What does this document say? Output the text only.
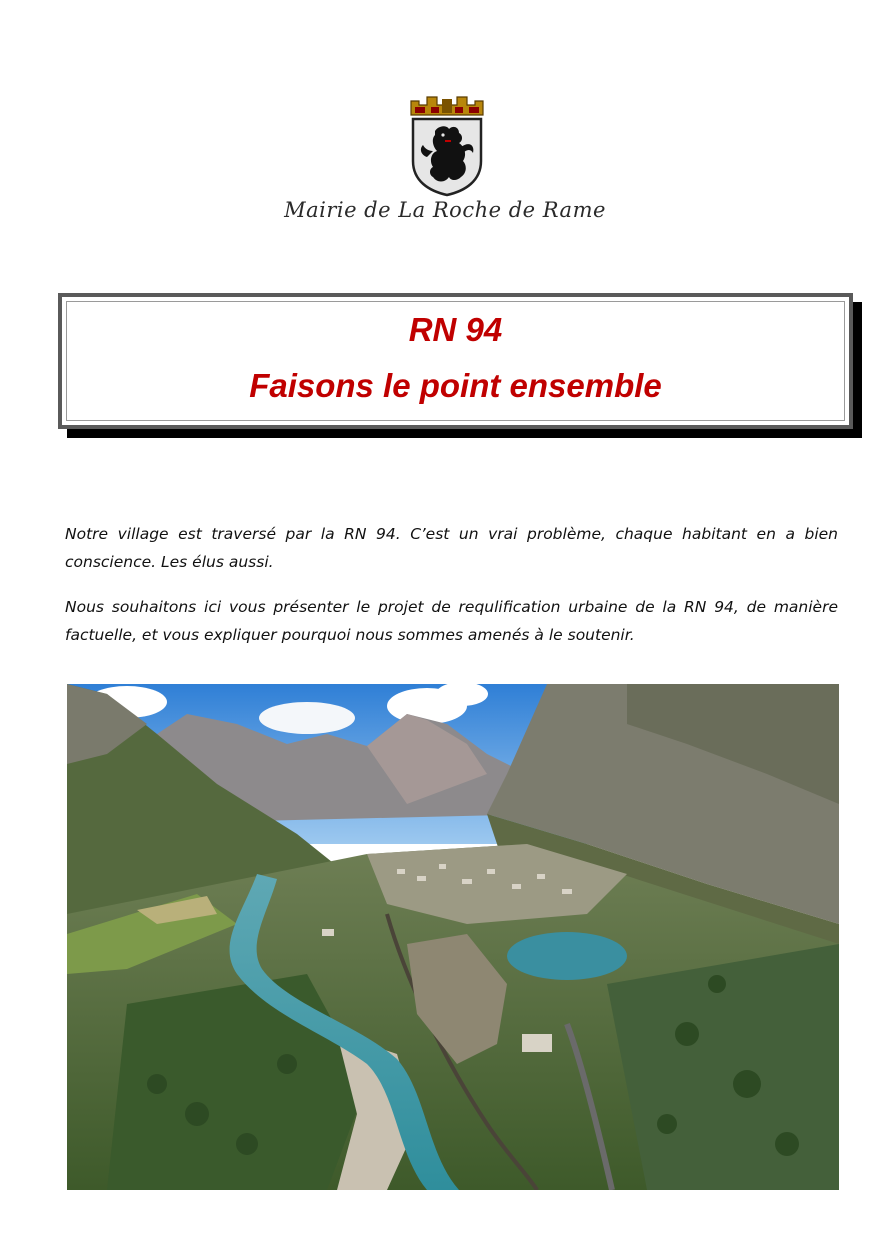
Mairie de La Roche de Rame
RN 94
Faisons le point ensemble

Notre village est traversé par la RN 94. C’est un vrai problème, chaque habitant en a bien conscience. Les élus aussi.

Nous souhaitons ici vous présenter le projet de requlification urbaine de la RN 94, de manière factuelle, et vous expliquer pourquoi nous sommes amenés à le soutenir.
